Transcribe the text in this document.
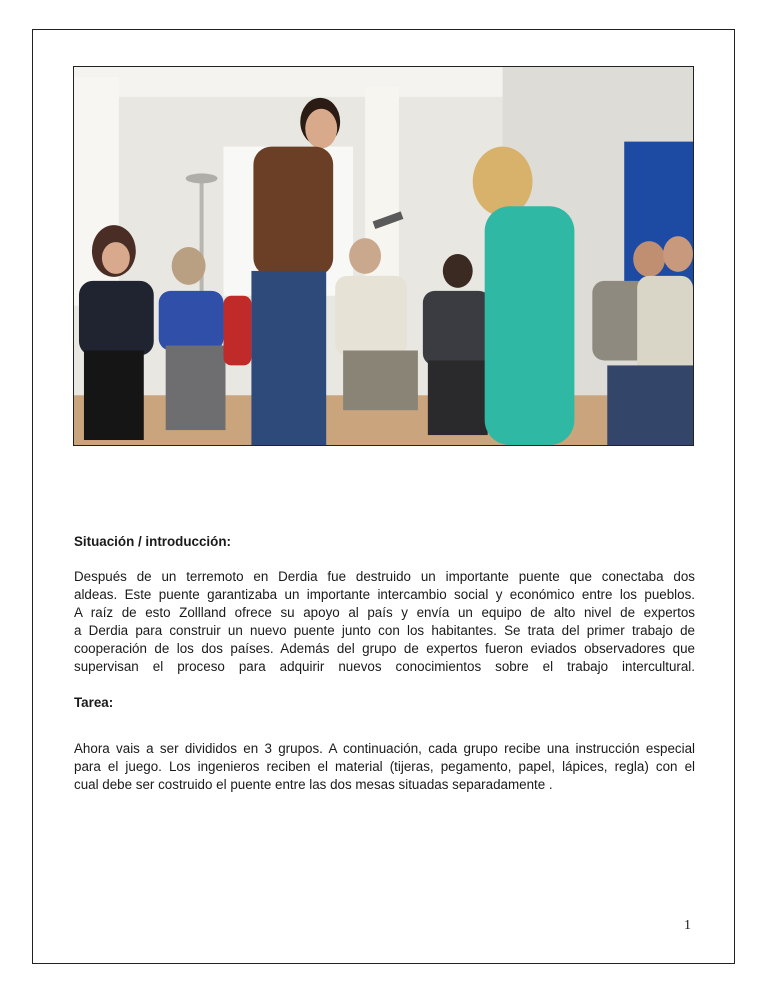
Situación / introducción:

Después de un terremoto en Derdia fue destruido un importante puente que conectaba dos

aldeas. Este puente garantizaba un importante intercambio social y económico entre los pueblos.

A raíz de esto Zollland ofrece su apoyo al país y envía un equipo de alto nivel de expertos

a Derdia para construir un nuevo puente junto con los habitantes. Se trata del primer trabajo de

cooperación de los dos países. Además del grupo de expertos fueron eviados observadores que

supervisan el proceso para adquirir nuevos conocimientos sobre el trabajo intercultural.

Tarea:

Ahora vais a ser divididos en 3 grupos. A continuación, cada grupo recibe una instrucción especial

para el juego. Los ingenieros reciben el material (tijeras, pegamento, papel, lápices, regla) con el

cual debe ser costruido el puente entre las dos mesas situadas separadamente .

1
